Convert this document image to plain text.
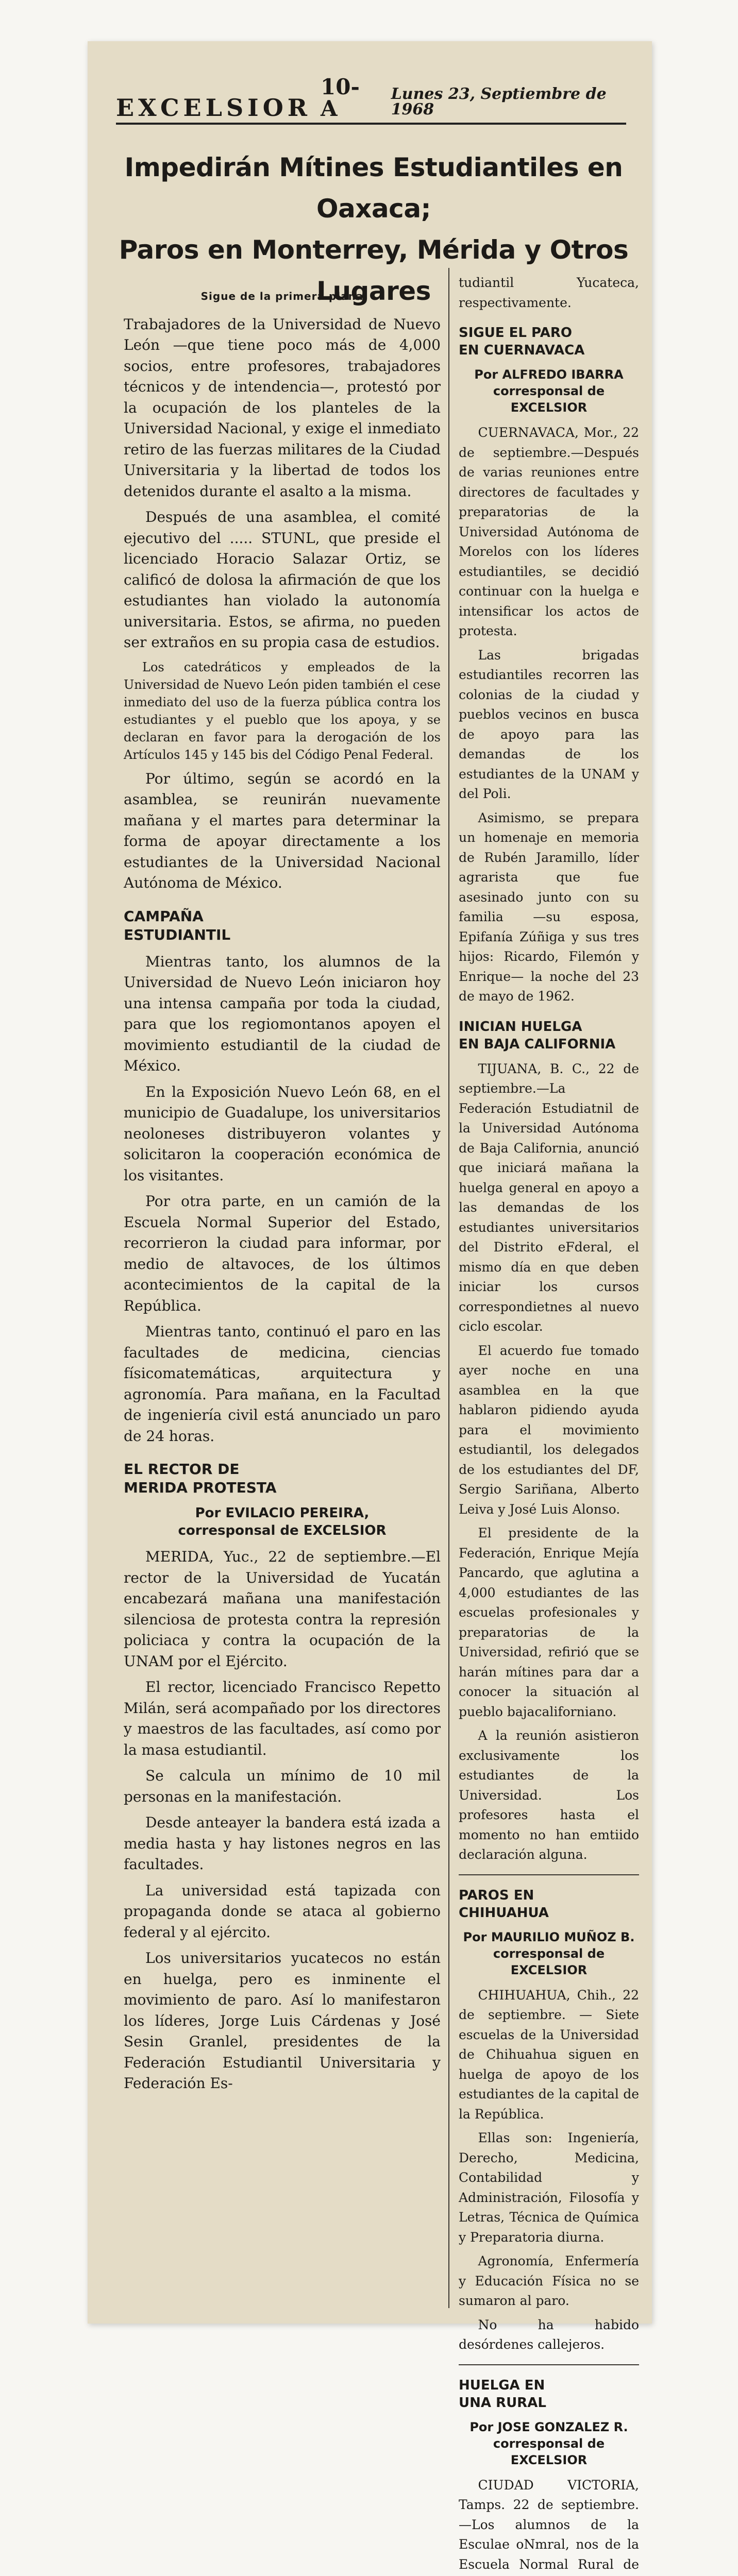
EXCELSIOR
10-A
Lunes 23, Septiembre de 1968
Impedirán Mítines Estudiantiles en Oaxaca;
Paros en Monterrey, Mérida y Otros Lugares
Sigue de la primera plana

Trabajadores de la Universidad de Nuevo León —que tiene poco más de 4,000 socios, entre profesores, trabajadores técnicos y de intendencia—, protestó por la ocupación de los planteles de la Universidad Nacional, y exige el inmediato retiro de las fuerzas militares de la Ciudad Universitaria y la libertad de todos los detenidos durante el asalto a la misma.

Después de una asamblea, el comité ejecutivo del ..... STUNL, que preside el licenciado Horacio Salazar Ortiz, se calificó de dolosa la afirmación de que los estudiantes han violado la autonomía universitaria. Estos, se afirma, no pueden ser extraños en su propia casa de estudios.

Los catedráticos y empleados de la Universidad de Nuevo León piden también el cese inmediato del uso de la fuerza pública contra los estudiantes y el pueblo que los apoya, y se declaran en favor para la derogación de los Artículos 145 y 145 bis del Código Penal Federal.

Por último, según se acordó en la asamblea, se reunirán nuevamente mañana y el martes para determinar la forma de apoyar directamente a los estudiantes de la Universidad Nacional Autónoma de México.

CAMPAÑA
ESTUDIANTIL

Mientras tanto, los alumnos de la Universidad de Nuevo León iniciaron hoy una intensa campaña por toda la ciudad, para que los regiomontanos apoyen el movimiento estudiantil de la ciudad de México.

En la Exposición Nuevo León 68, en el municipio de Guadalupe, los universitarios neoloneses distribuyeron volantes y solicitaron la cooperación económica de los visitantes.

Por otra parte, en un camión de la Escuela Normal Superior del Estado, recorrieron la ciudad para informar, por medio de altavoces, de los últimos acontecimientos de la capital de la República.

Mientras tanto, continuó el paro en las facultades de medicina, ciencias físicomatemáticas, arquitectura y agronomía. Para mañana, en la Facultad de ingeniería civil está anunciado un paro de 24 horas.

EL RECTOR DE
MERIDA PROTESTA
Por EVILACIO PEREIRA,
corresponsal de EXCELSIOR

MERIDA, Yuc., 22 de septiembre.—El rector de la Universidad de Yucatán encabezará mañana una manifestación silenciosa de protesta contra la represión policiaca y contra la ocupación de la UNAM por el Ejército.

El rector, licenciado Francisco Repetto Milán, será acompañado por los directores y maestros de las facultades, así como por la masa estudiantil.

Se calcula un mínimo de 10 mil personas en la manifestación.

Desde anteayer la bandera está izada a media hasta y hay listones negros en las facultades.

La universidad está tapizada con propaganda donde se ataca al gobierno federal y al ejército.

Los universitarios yucatecos no están en huelga, pero es inminente el movimiento de paro. Así lo manifestaron los líderes, Jorge Luis Cárdenas y José Sesin Granlel, presidentes de la Federación Estudiantil Universitaria y Federación Es-

tudiantil Yucateca, respectivamente.

SIGUE EL PARO
EN CUERNAVACA
Por ALFREDO IBARRA
corresponsal de EXCELSIOR

CUERNAVACA, Mor., 22 de septiembre.—Después de varias reuniones entre directores de facultades y preparatorias de la Universidad Autónoma de Morelos con los líderes estudiantiles, se decidió continuar con la huelga e intensificar los actos de protesta.

Las brigadas estudiantiles recorren las colonias de la ciudad y pueblos vecinos en busca de apoyo para las demandas de los estudiantes de la UNAM y del Poli.

Asimismo, se prepara un homenaje en memoria de Rubén Jaramillo, líder agrarista que fue asesinado junto con su familia —su esposa, Epifanía Zúñiga y sus tres hijos: Ricardo, Filemón y Enrique— la noche del 23 de mayo de 1962.

INICIAN HUELGA
EN BAJA CALIFORNIA

TIJUANA, B. C., 22 de septiembre.—La Federación Estudiatnil de la Universidad Autónoma de Baja California, anunció que iniciará mañana la huelga general en apoyo a las demandas de los estudiantes universitarios del Distrito eFderal, el mismo día en que deben iniciar los cursos correspondietnes al nuevo ciclo escolar.

El acuerdo fue tomado ayer noche en una asamblea en la que hablaron pidiendo ayuda para el movimiento estudiantil, los delegados de los estudiantes del DF, Sergio Sariñana, Alberto Leiva y José Luis Alonso.

El presidente de la Federación, Enrique Mejía Pancardo, que aglutina a 4,000 estudiantes de las escuelas profesionales y preparatorias de la Universidad, refirió que se harán mítines para dar a conocer la situación al pueblo bajacaliforniano.

A la reunión asistieron exclusivamente los estudiantes de la Universidad. Los profesores hasta el momento no han emtiido declaración alguna.

PAROS EN
CHIHUAHUA
Por MAURILIO MUÑOZ B.
corresponsal de EXCELSIOR

CHIHUAHUA, Chih., 22 de septiembre. — Siete escuelas de la Universidad de Chihuahua siguen en huelga de apoyo de los estudiantes de la capital de la República.

Ellas son: Ingeniería, Derecho, Medicina, Contabilidad y Administración, Filosofía y Letras, Técnica de Química y Preparatoria diurna.

Agronomía, Enfermería y Educación Física no se sumaron al paro.

No ha habido desórdenes callejeros.

HUELGA EN
UNA RURAL
Por JOSE GONZALEZ R.
corresponsal de EXCELSIOR

CIUDAD VICTORIA, Tamps. 22 de septiembre.—Los alumnos de la Esculae oNmral, nos de la Escuela Normal Rural de
